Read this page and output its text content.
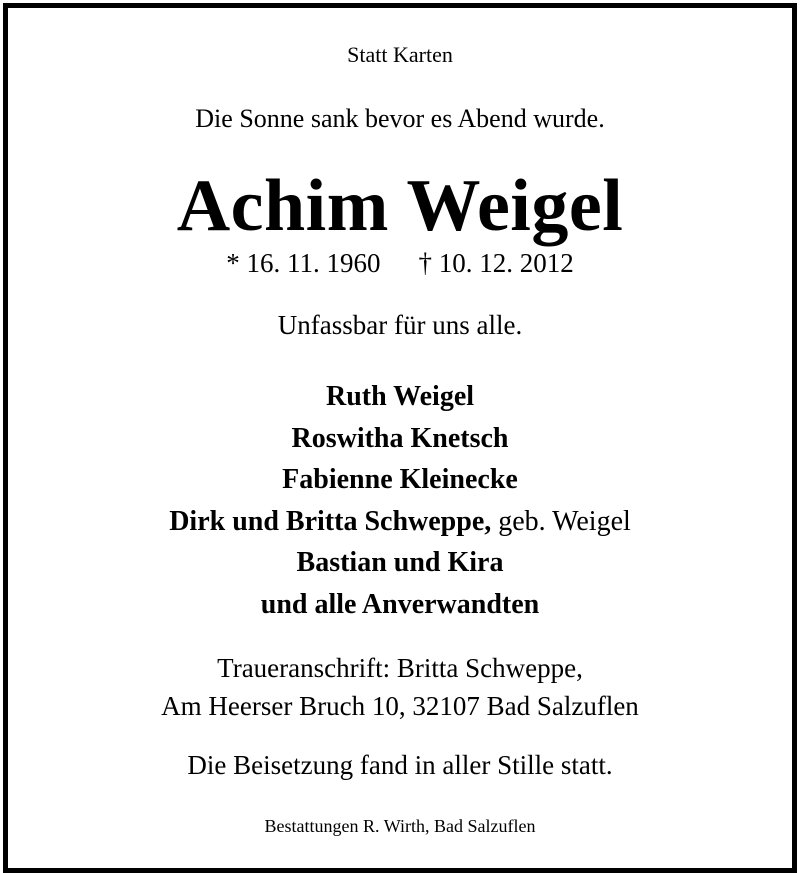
Statt Karten
Die Sonne sank bevor es Abend wurde.
Achim Weigel
* 16. 11. 1960 † 10. 12. 2012
Unfassbar für uns alle.
Ruth Weigel
Roswitha Knetsch
Fabienne Kleinecke
Dirk und Britta Schweppe, geb. Weigel
Bastian und Kira
und alle Anverwandten
Traueranschrift: Britta Schweppe,
Am Heerser Bruch 10, 32107 Bad Salzuflen
Die Beisetzung fand in aller Stille statt.
Bestattungen R. Wirth, Bad Salzuflen
